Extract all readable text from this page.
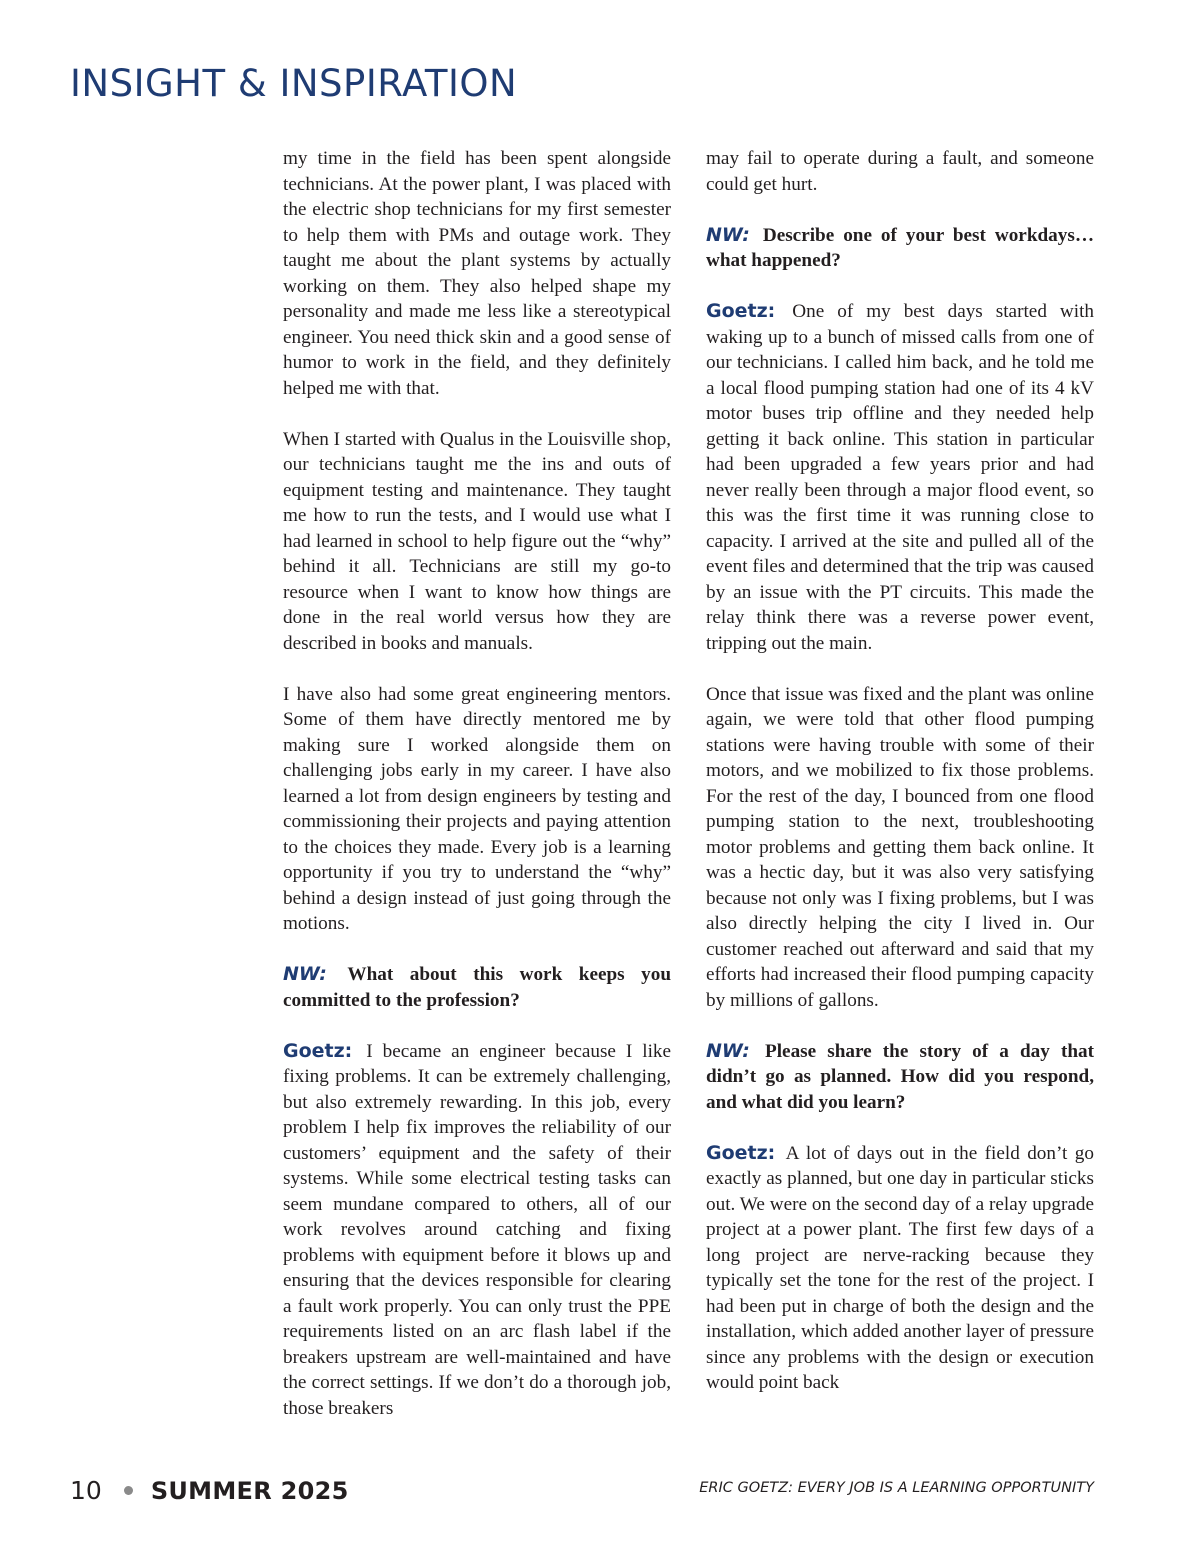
INSIGHT & INSPIRATION

my time in the field has been spent alongside technicians. At the power plant, I was placed with the electric shop technicians for my first semester to help them with PMs and outage work. They taught me about the plant systems by actually working on them. They also helped shape my personality and made me less like a stereotypical engineer. You need thick skin and a good sense of humor to work in the field, and they definitely helped me with that.

When I started with Qualus in the Louisville shop, our technicians taught me the ins and outs of equipment testing and maintenance. They taught me how to run the tests, and I would use what I had learned in school to help figure out the “why” behind it all. Technicians are still my go-to resource when I want to know how things are done in the real world versus how they are described in books and manuals.

I have also had some great engineering mentors. Some of them have directly mentored me by making sure I worked alongside them on challenging jobs early in my career. I have also learned a lot from design engineers by testing and commissioning their projects and paying attention to the choices they made. Every job is a learning opportunity if you try to understand the “why” behind a design instead of just going through the motions.

NW: What about this work keeps you committed to the profession?

Goetz: I became an engineer because I like fixing problems. It can be extremely challenging, but also extremely rewarding. In this job, every problem I help fix improves the reliability of our customers’ equipment and the safety of their systems. While some electrical testing tasks can seem mundane compared to others, all of our work revolves around catching and fixing problems with equipment before it blows up and ensuring that the devices responsible for clearing a fault work properly. You can only trust the PPE requirements listed on an arc flash label if the breakers upstream are well-maintained and have the correct settings. If we don’t do a thorough job, those breakers

may fail to operate during a fault, and someone could get hurt.

NW: Describe one of your best workdays… what happened?

Goetz: One of my best days started with waking up to a bunch of missed calls from one of our technicians. I called him back, and he told me a local flood pumping station had one of its 4 kV motor buses trip offline and they needed help getting it back online. This station in particular had been upgraded a few years prior and had never really been through a major flood event, so this was the first time it was running close to capacity. I arrived at the site and pulled all of the event files and determined that the trip was caused by an issue with the PT circuits. This made the relay think there was a reverse power event, tripping out the main.

Once that issue was fixed and the plant was online again, we were told that other flood pumping stations were having trouble with some of their motors, and we mobilized to fix those problems. For the rest of the day, I bounced from one flood pumping station to the next, troubleshooting motor problems and getting them back online. It was a hectic day, but it was also very satisfying because not only was I fixing problems, but I was also directly helping the city I lived in. Our customer reached out afterward and said that my efforts had increased their flood pumping capacity by millions of gallons.

NW: Please share the story of a day that didn’t go as planned. How did you respond, and what did you learn?

Goetz: A lot of days out in the field don’t go exactly as planned, but one day in particular sticks out. We were on the second day of a relay upgrade project at a power plant. The first few days of a long project are nerve-racking because they typically set the tone for the rest of the project. I had been put in charge of both the design and the installation, which added another layer of pressure since any problems with the design or execution would point back

10 SUMMER 2025	ERIC GOETZ: EVERY JOB IS A LEARNING OPPORTUNITY
